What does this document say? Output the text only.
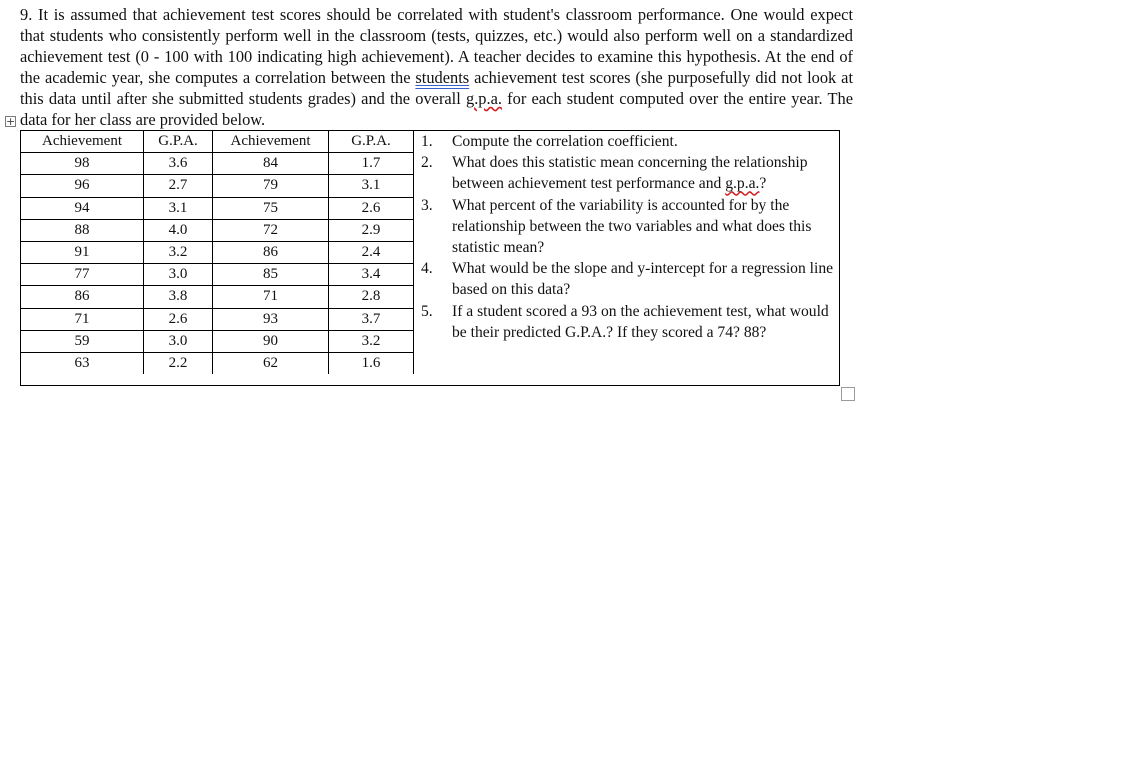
9. It is assumed that achievement test scores should be correlated with student's classroom performance. One would expect that students who consistently perform well in the classroom (tests, quizzes, etc.) would also perform well on a standardized achievement test (0 - 100 with 100 indicating high achievement). A teacher decides to examine this hypothesis. At the end of the academic year, she computes a correlation between the students achievement test scores (she purposefully did not look at this data until after she submitted students grades) and the overall g.p.a. for each student computed over the entire year. The data for her class are provided below.

+
Achievement	G.P.A.	Achievement	G.P.A.
98	3.6	84	1.7
96	2.7	79	3.1
94	3.1	75	2.6
88	4.0	72	2.9
91	3.2	86	2.4
77	3.0	85	3.4
86	3.8	71	2.8
71	2.6	93	3.7
59	3.0	90	3.2
63	2.2	62	1.6
1. Compute the correlation coefficient.
2. What does this statistic mean concerning the relationship between achievement test performance and g.p.a.?
3. What percent of the variability is accounted for by the relationship between the two variables and what does this statistic mean?
4. What would be the slope and y-intercept for a regression line based on this data?
5. If a student scored a 93 on the achievement test, what would be their predicted G.P.A.? If they scored a 74? 88?
